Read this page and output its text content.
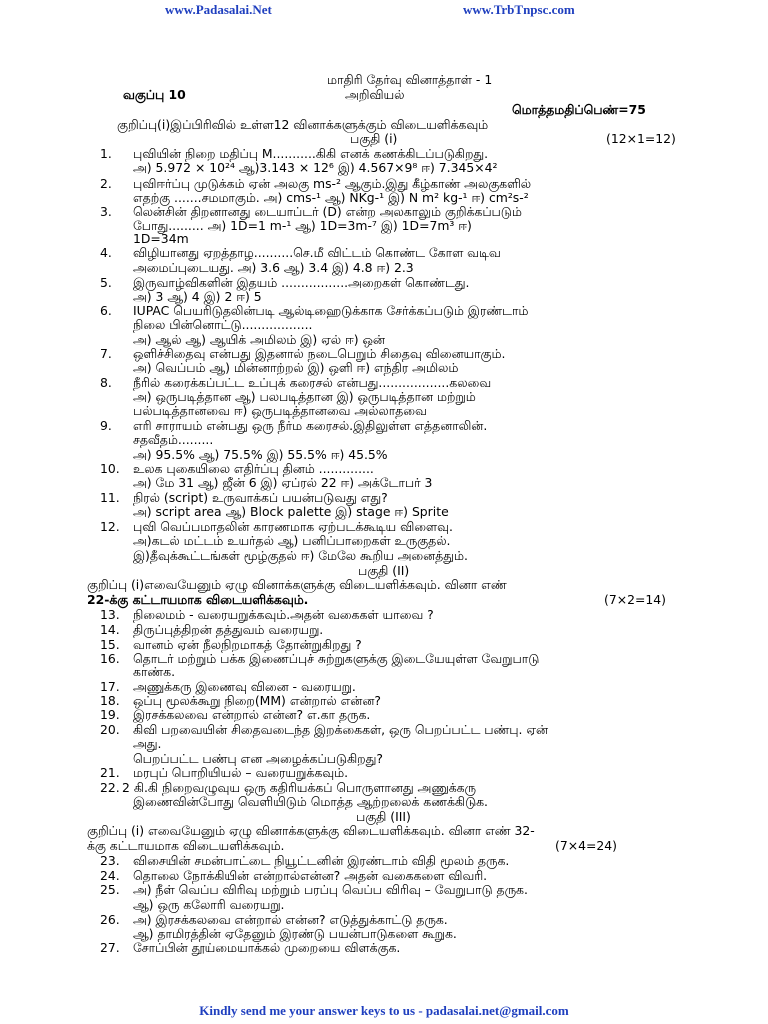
www.Padasalai.Net	www.TrbTnpsc.com
மாதிரி தேர்வு வினாத்தாள் - 1
வகுப்பு 10	அறிவியல்
மொத்தமதிப்பெண்=75
குறிப்பு(i)இப்பிரிவில் உள்ள12 வினாக்களுக்கும் விடையளிக்கவும்
பகுதி (i)	(12×1=12)
1. புவியின் நிறை மதிப்பு M...........கிகி எனக் கணக்கிடப்படுகிறது.
அ) 5.972 × 10²⁴ ஆ)3.143 × 12⁶ இ) 4.567×9⁸ ஈ) 7.345×4²
2. புவிஈர்ப்பு முடுக்கம் ஏன் அலகு ms-² ஆகும்.இது கீழ்காண் அலகுகளில்
எதற்கு .......சமமாகும். அ) cms-¹ ஆ) NKg-¹ இ) N m² kg-¹ ஈ) cm²s-²
3. லென்சின் திறனானது டையாப்டர் (D) என்ற அலகாலும் குறிக்கப்படும்
போது......... அ) 1D=1 m-¹ ஆ) 1D=3m-⁷ இ) 1D=7m³ ஈ)
1D=34m
4. விழியானது ஏறத்தாழ..........செ.மீ விட்டம் கொண்ட கோள வடிவ
அமைப்புடையது. அ) 3.6 ஆ) 3.4 இ) 4.8 ஈ) 2.3
5. இருவாழ்விகளின் இதயம் .................அறைகள் கொண்டது.
அ) 3 ஆ) 4 இ) 2 ஈ) 5
6. IUPAC பெயரிடுதலின்படி ஆல்டிஹைடுக்காக சேர்க்கப்படும் இரண்டாம்
நிலை பின்னொட்டு..................
அ) ஆல் ஆ) ஆயிக் அமிலம் இ) ஏல் ஈ) ஒன்
7. ஒளிச்சிதைவு என்பது இதனால் நடைபெறும் சிதைவு வினையாகும்.
அ) வெப்பம் ஆ) மின்னாற்றல் இ) ஒளி ஈ) எந்திர அமிலம்
8. நீரில் கரைக்கப்பட்ட உப்புக் கரைசல் என்பது..................கலவை
அ) ஒருபடித்தான ஆ) பலபடித்தான இ) ஒருபடித்தான மற்றும்
பல்படித்தானவை ஈ) ஒருபடித்தானவை அல்லாதவை
9. எரி சாராயம் என்பது ஒரு நீர்ம கரைசல்.இதிலுள்ள எத்தனாலின்.
சதவீதம்.........
அ) 95.5% ஆ) 75.5% இ) 55.5% ஈ) 45.5%
10. உலக புகையிலை எதிர்ப்பு தினம் ..............
அ) மே 31 ஆ) ஜீன் 6 இ) ஏப்ரல் 22 ஈ) அக்டோபர் 3
11. நிரல் (script) உருவாக்கப் பயன்படுவது எது?
அ) script area ஆ) Block palette இ) stage ஈ) Sprite
12. புவி வெப்பமாதலின் காரணமாக ஏற்படக்கூடிய விளைவு.
அ)கடல் மட்டம் உயர்தல் ஆ) பனிப்பாறைகள் உருகுதல்.
இ)தீவுக்கூட்டங்கள் மூழ்குதல் ஈ) மேலே கூறிய அனைத்தும்.
பகுதி (II)
குறிப்பு (i)எவையேனும் ஏழு வினாக்களுக்கு விடையளிக்கவும். வினா எண்
22-க்கு கட்டாயமாக விடையளிக்கவும்.	(7×2=14)
13. நிலைமம் - வரையறுக்கவும்.அதன் வகைகள் யாவை ?
14. திருப்புத்திறன் தத்துவம் வரையறு.
15. வானம் ஏன் நீலநிறமாகத் தோன்றுகிறது ?
16. தொடர் மற்றும் பக்க இணைப்புச் சுற்றுகளுக்கு இடையேயுள்ள வேறுபாடு
காண்க.
17. அணுக்கரு இணைவு வினை - வரையறு.
18. ஒப்பு மூலக்கூறு நிறை(MM) என்றால் என்ன?
19. இரசக்கலவை என்றால் என்ன? எ.கா தருக.
20. கிவி பறவையின் சிதைவடைந்த இறக்கைகள், ஒரு பெறப்பட்ட பண்பு. ஏன்
அது.
பெறப்பட்ட பண்பு என அழைக்கப்படுகிறது?
21. மரபுப் பொறியியல் – வரையறுக்கவும்.
22. 2 கி.கி நிறைவழுவுய ஒரு கதிரியக்கப் பொருளானது அணுக்கரு
இணைவின்போது வெளியிடும் மொத்த ஆற்றலைக் கணக்கிடுக.
பகுதி (III)
குறிப்பு (i) எவையேனும் ஏழு வினாக்களுக்கு விடையளிக்கவும். வினா எண் 32-
க்கு கட்டாயமாக விடையளிக்கவும்.	(7×4=24)
23. விசையின் சமன்பாட்டை நியூட்டனின் இரண்டாம் விதி மூலம் தருக.
24. தொலை நோக்கியின் என்றால்என்ன? அதன் வகைகளை விவரி.
25. அ) நீள் வெப்ப விரிவு மற்றும் பரப்பு வெப்ப விரிவு – வேறுபாடு தருக.
ஆ) ஒரு கலோரி வரையறு.
26. அ) இரசக்கலவை என்றால் என்ன? எடுத்துக்காட்டு தருக.
ஆ) தாமிரத்தின் ஏதேனும் இரண்டு பயன்பாடுகளை கூறுக.
27. சோப்பின் தூய்மையாக்கல் முறையை விளக்குக.
Kindly send me your answer keys to us - padasalai.net@gmail.com
